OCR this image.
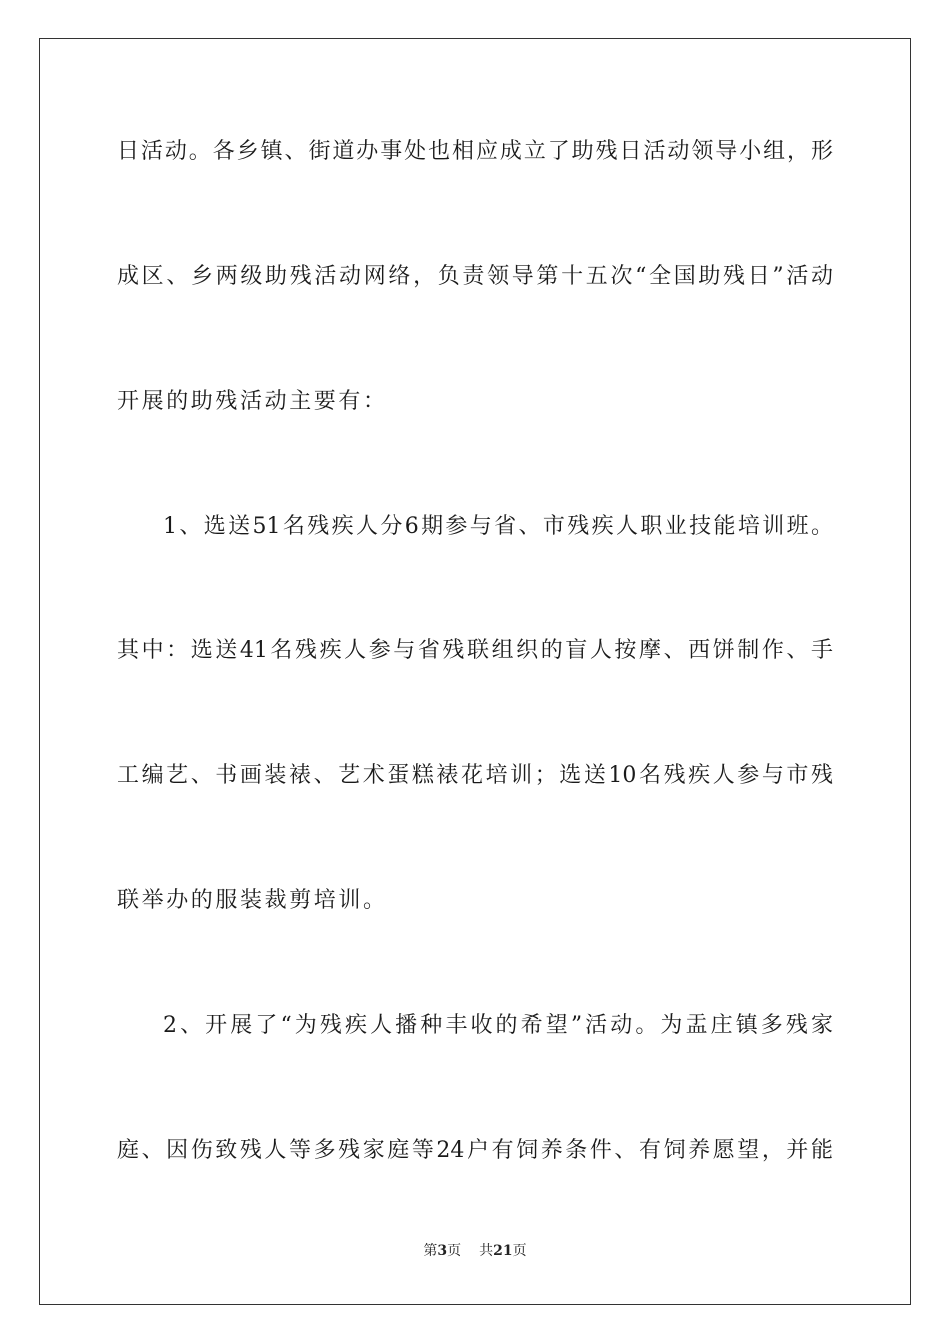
日活动。各乡镇、街道办事处也相应成立了助残日活动领导小组，形
成区、乡两级助残活动网络，负责领导第十五次“全国助残日”活动
开展的助残活动主要有：
1、选送51名残疾人分6期参与省、市残疾人职业技能培训班。
其中：选送41名残疾人参与省残联组织的盲人按摩、西饼制作、手
工编艺、书画装裱、艺术蛋糕裱花培训；选送10名残疾人参与市残
联举办的服装裁剪培训。
2、开展了“为残疾人播种丰收的希望”活动。为盂庄镇多残家
庭、因伤致残人等多残家庭等24户有饲养条件、有饲养愿望，并能
第3页 共21页
